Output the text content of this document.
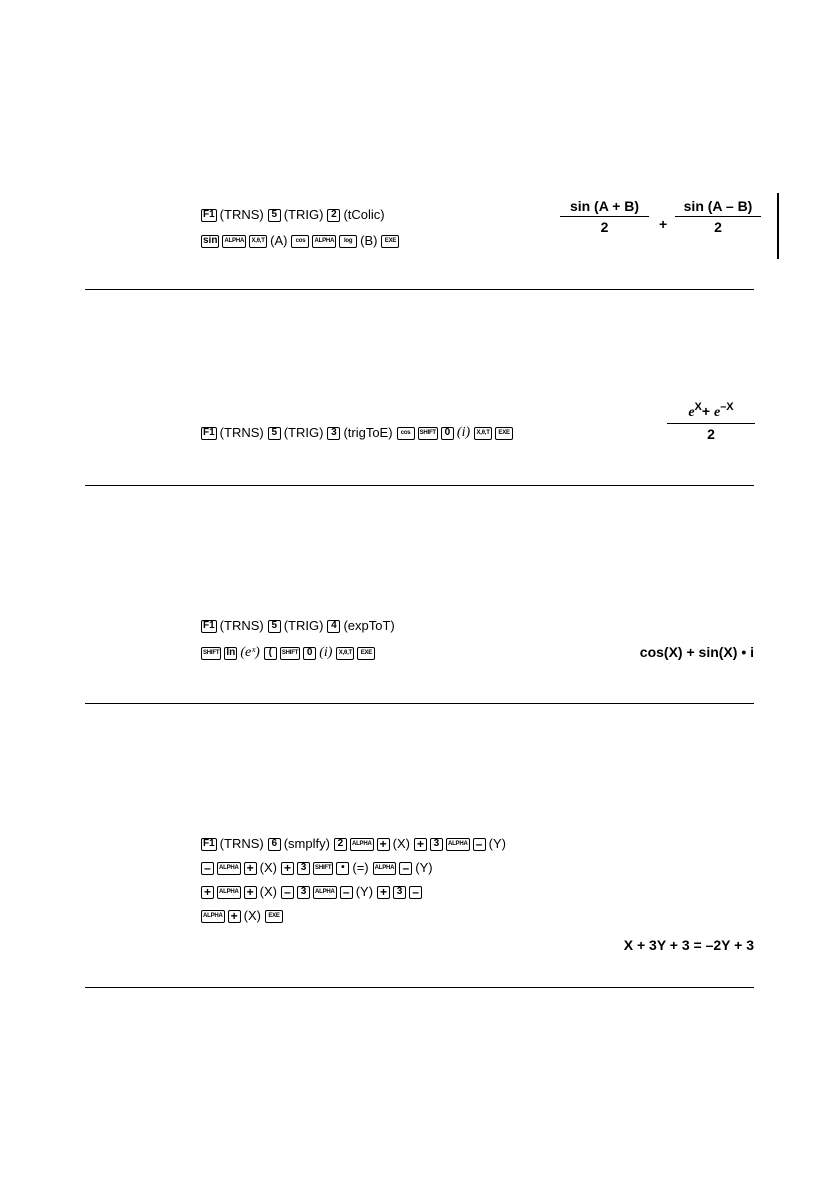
F1 (TRNS) 5 (TRIG) 2 (tColic)
sin	ALPHA	X,θ,T (A)	cos	ALPHA	log (B)	EXE
sin (A + B)
2	+
sin (A – B)
2
F1 (TRNS) 5 (TRIG) 3 (trigToE)	cos	SHIFT 0 (i)	X,θ,T	EXE
$e^X+ e^{-X}$
2
F1 (TRNS) 5 (TRIG) 4 (expToT)
SHIFT ln (eˣ) (	SHIFT 0 (i)	X,θ,T	EXE	cos(X) + sin(X) • i
F1 (TRNS) 6 (smplfy) 2	ALPHA + (X) + 3	ALPHA – (Y)
–	ALPHA + (X) + 3	SHIFT • (=)	ALPHA – (Y)
+	ALPHA + (X) – 3	ALPHA – (Y) + 3 –
ALPHA + (X)	EXE
X + 3Y + 3 = –2Y + 3
